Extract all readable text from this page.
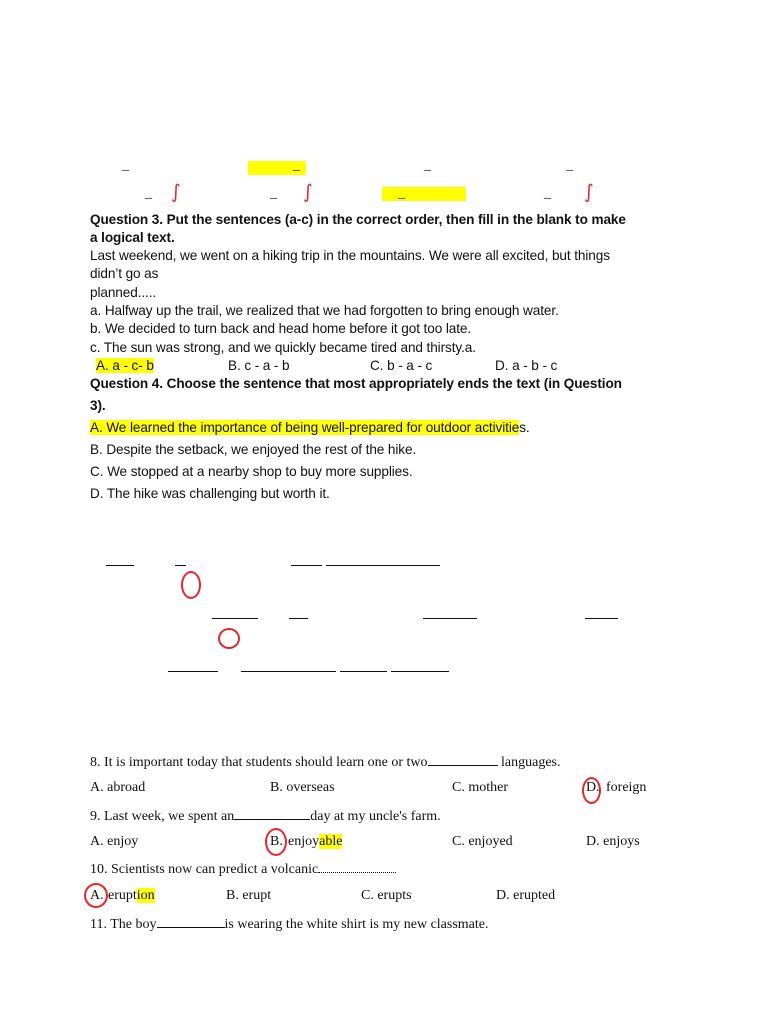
_	_	_	_
_ ∫	_ ∫	_	_ ∫
Question 3. Put the sentences (a-c) in the correct order, then fill in the blank to make
a logical text.
Last weekend, we went on a hiking trip in the mountains. We were all excited, but things
didn’t go as
planned.....
a. Halfway up the trail, we realized that we had forgotten to bring enough water.
b. We decided to turn back and head home before it got too late.
c. The sun was strong, and we quickly became tired and thirsty.a.
A. a - c- b	B. c - a - b	C. b - a - c	D. a - b - c
Question 4. Choose the sentence that most appropriately ends the text (in Question
3).
A. We learned the importance of being well-prepared for outdoor activities.
B. Despite the setback, we enjoyed the rest of the hike.
C. We stopped at a nearby shop to buy more supplies.
D. The hike was challenging but worth it.
8. It is important today that students should learn one or two	languages.
A. abroad	B. overseas	C. mother	D. foreign
9. Last week, we spent an	day at my uncle's farm.
A. enjoy	B. enjoyable	C. enjoyed	D. enjoys
10. Scientists now can predict a volcanic
A. eruption	B. erupt	C. erupts	D. erupted
11. The boy	is wearing the white shirt is my new classmate.
